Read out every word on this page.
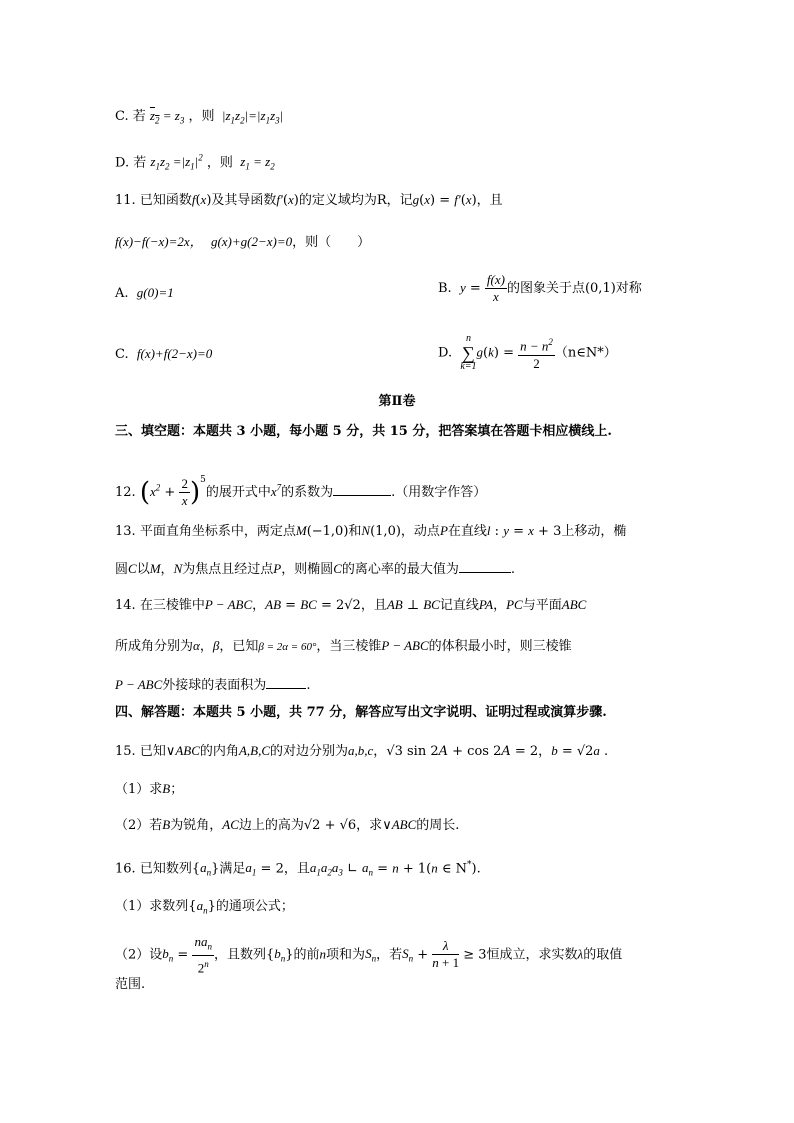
C. 若 $z_2 = z_3$ ，则  $|z_1z_2|=|z_1z_3|$
D. 若 $z_1z_2 =|z_1|^2$ ，则  $z_1 = z_2$
11. 已知函数f(x)及其导函数f′(x)的定义域均为R，记g(x) = f′(x)，且
f(x)−f(−x)=2x， g(x)+g(2−x)=0，则（　　）
A. g(0)=1	B. $y = \frac{f(x)}{x}$ 的图象关于点(0,1)对称
C. f(x)+f(2−x)=0	D.  n
∑
$k=1g(k) = \frac{n - n^2}{2}$ （n∈N*）
第Ⅱ卷
三、填空题：本题共 3 小题，每小题 5 分，共 15 分，把答案填在答题卡相应横线上.
12. $(x^2 + \frac{2}{x} )^5$的展开式中$x^7$的系数为	.（用数字作答）
13. 平面直角坐标系中，两定点M(−1,0)和N(1,0)，动点P在直线l : y = x + 3上移动，椭
圆C以M，N为焦点且经过点P，则椭圆C的离心率的最大值为	.
14. 在三棱锥中P − ABC，AB = BC = 2√2，且AB ⊥ BC记直线PA，PC与平面ABC
所成角分别为α，β，已知β = 2α = 60°，当三棱锥P − ABC的体积最小时，则三棱锥
P − ABC外接球的表面积为	.
四、解答题：本题共 5 小题，共 77 分，解答应写出文字说明、证明过程或演算步骤.
15. 已知∨ABC的内角A,B,C的对边分别为a,b,c，√3 sin 2A + cos 2A = 2，b = √2a .
（1）求B；
（2）若B为锐角，AC边上的高为√2 + √6，求∨ABC的周长.
16. 已知数列$\{a_n\}$满足$a_1 = 2$，且$a_1a_2a_3$ ∟ $a_n = n + 1(n$ ∈ N*).
（1）求数列$\{a_n\}$的通项公式；
（2）设$b_n = \frac{na_n}{2^n}$ ，且数列$\{b_n\}$的前n项和为$S_n$，若$S_n + \frac{\lambda}{n + 1} \ge 3$恒成立，求实数λ的取值
范围.
